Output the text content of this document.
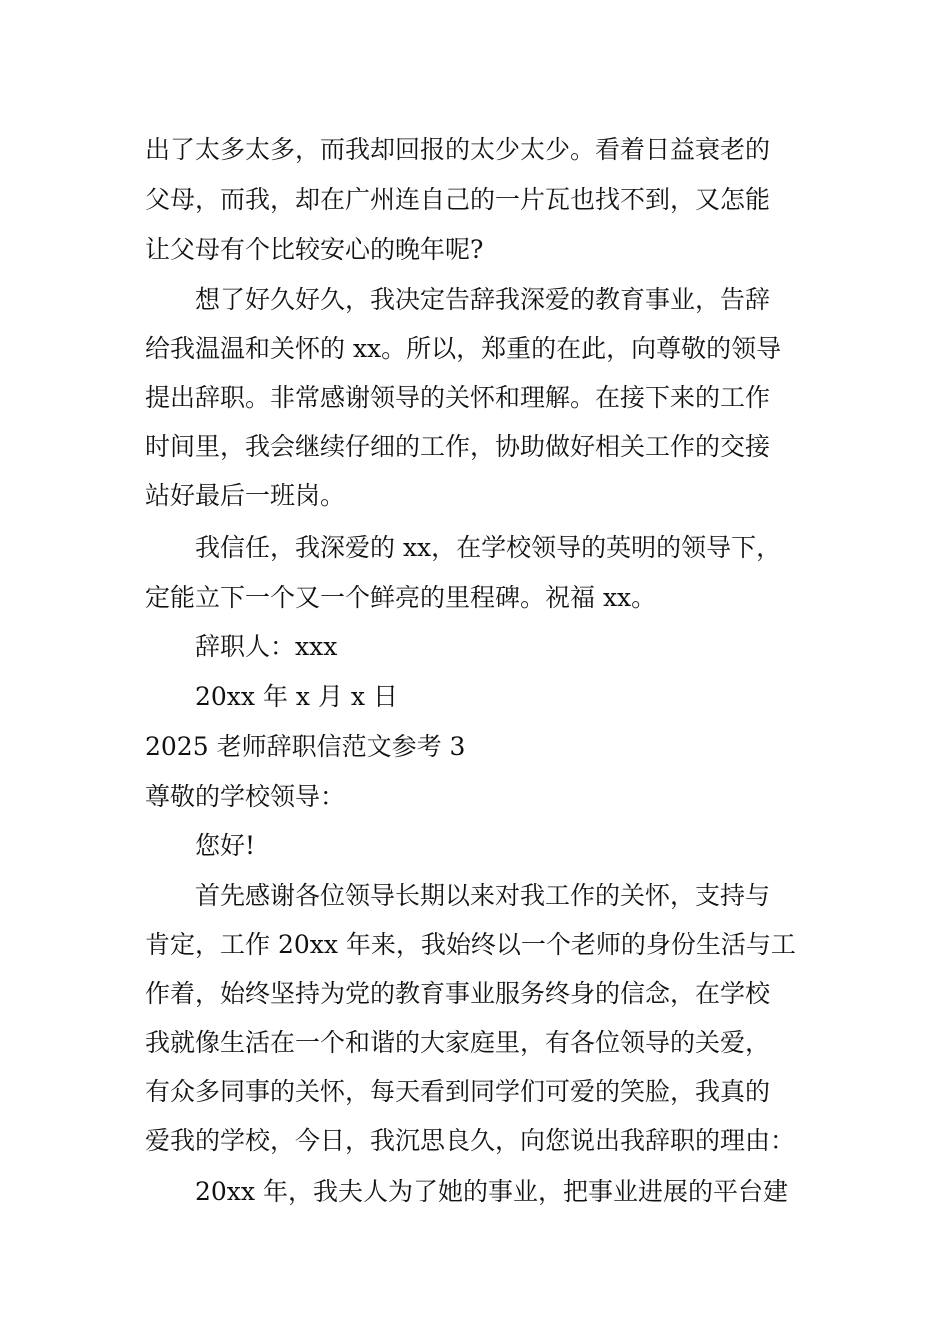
出了太多太多，而我却回报的太少太少。看着日益衰老的
父母，而我，却在广州连自己的一片瓦也找不到，又怎能
让父母有个比较安心的晚年呢?
想了好久好久，我决定告辞我深爱的教育事业，告辞
给我温温和关怀的 xx。所以，郑重的在此，向尊敬的领导
提出辞职。非常感谢领导的关怀和理解。在接下来的工作
时间里，我会继续仔细的工作，协助做好相关工作的交接
站好最后一班岗。
我信任，我深爱的 xx，在学校领导的英明的领导下，
定能立下一个又一个鲜亮的里程碑。祝福 xx。
辞职人：xxx
20xx 年 x 月 x 日
2025 老师辞职信范文参考 3
尊敬的学校领导：
您好!
首先感谢各位领导长期以来对我工作的关怀，支持与
肯定，工作 20xx 年来，我始终以一个老师的身份生活与工
作着，始终坚持为党的教育事业服务终身的信念，在学校
我就像生活在一个和谐的大家庭里，有各位领导的关爱，
有众多同事的关怀，每天看到同学们可爱的笑脸，我真的
爱我的学校，今日，我沉思良久，向您说出我辞职的理由：
20xx 年，我夫人为了她的事业，把事业进展的平台建
